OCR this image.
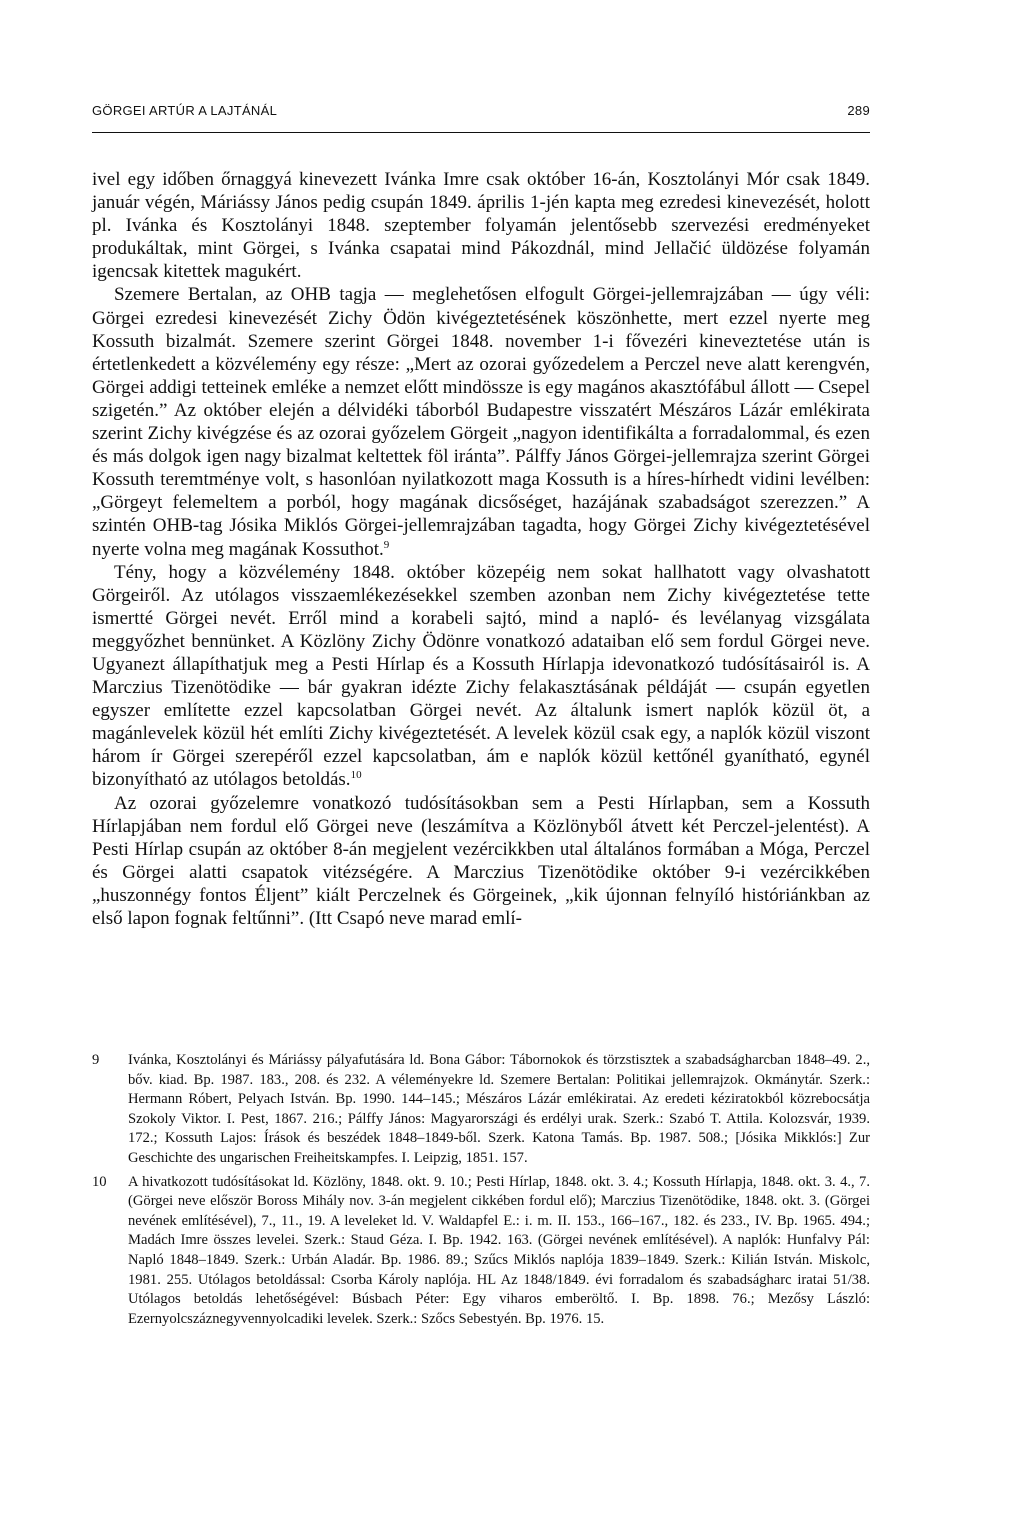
GÖRGEI ARTÚR A LAJTÁNÁL	289

ivel egy időben őrnaggyá kinevezett Ivánka Imre csak október 16-án, Kosztolányi Mór csak 1849. január végén, Máriássy János pedig csupán 1849. április 1-jén kapta meg ezredesi kinevezését, holott pl. Ivánka és Kosztolányi 1848. szeptember folyamán jelentősebb szervezési eredményeket produkáltak, mint Görgei, s Ivánka csapatai mind Pákozdnál, mind Jellačić üldözése folyamán igencsak kitettek magukért.

Szemere Bertalan, az OHB tagja — meglehetősen elfogult Görgei-jellemrajzában — úgy véli: Görgei ezredesi kinevezését Zichy Ödön kivégeztetésének köszönhette, mert ezzel nyerte meg Kossuth bizalmát. Szemere szerint Görgei 1848. november 1-i fővezéri kineveztetése után is értetlenkedett a közvélemény egy része: „Mert az ozorai győzedelem a Perczel neve alatt kerengvén, Görgei addigi tetteinek emléke a nemzet előtt mindössze is egy magános akasztófábul állott — Csepel szigetén.” Az október elején a délvidéki táborból Budapestre visszatért Mészáros Lázár emlékirata szerint Zichy kivégzése és az ozorai győzelem Görgeit „nagyon identifikálta a forradalommal, és ezen és más dolgok igen nagy bizalmat keltettek föl iránta”. Pálffy János Görgei-jellemrajza szerint Görgei Kossuth teremtménye volt, s hasonlóan nyilatkozott maga Kossuth is a híres-hírhedt vidini levélben: „Görgeyt felemeltem a porból, hogy magának dicsőséget, hazájának szabadságot szerezzen.” A szintén OHB-tag Jósika Miklós Görgei-jellemrajzában tagadta, hogy Görgei Zichy kivégeztetésével nyerte volna meg magának Kossuthot.$^9$

Tény, hogy a közvélemény 1848. október közepéig nem sokat hallhatott vagy olvashatott Görgeiről. Az utólagos visszaemlékezésekkel szemben azonban nem Zichy kivégeztetése tette ismertté Görgei nevét. Erről mind a korabeli sajtó, mind a napló- és levélanyag vizsgálata meggyőzhet bennünket. A Közlöny Zichy Ödönre vonatkozó adataiban elő sem fordul Görgei neve. Ugyanezt állapíthatjuk meg a Pesti Hírlap és a Kossuth Hírlapja idevonatkozó tudósításairól is. A Marczius Tizenötödike — bár gyakran idézte Zichy felakasztásának példáját — csupán egyetlen egyszer említette ezzel kapcsolatban Görgei nevét. Az általunk ismert naplók közül öt, a magánlevelek közül hét említi Zichy kivégeztetését. A levelek közül csak egy, a naplók közül viszont három ír Görgei szerepéről ezzel kapcsolatban, ám e naplók közül kettőnél gyanítható, egynél bizonyítható az utólagos betoldás.$^{10}$

Az ozorai győzelemre vonatkozó tudósításokban sem a Pesti Hírlapban, sem a Kossuth Hírlapjában nem fordul elő Görgei neve (leszámítva a Közlönyből átvett két Perczel-jelentést). A Pesti Hírlap csupán az október 8-án megjelent vezércikkben utal általános formában a Móga, Perczel és Görgei alatti csapatok vitézségére. A Marczius Tizenötödike október 9-i vezércikkében „huszonnégy fontos Éljent” kiált Perczelnek és Görgeinek, „kik újonnan felnyíló históriánkban az első lapon fognak feltűnni”. (Itt Csapó neve marad emlí-

9 Ivánka, Kosztolányi és Máriássy pályafutására ld. Bona Gábor: Tábornokok és törzstisztek a szabadságharcban 1848–49. 2., bőv. kiad. Bp. 1987. 183., 208. és 232. A véleményekre ld. Szemere Bertalan: Politikai jellemrajzok. Okmánytár. Szerk.: Hermann Róbert, Pelyach István. Bp. 1990. 144–145.; Mészáros Lázár emlékiratai. Az eredeti kéziratokból közrebocsátja Szokoly Viktor. I. Pest, 1867. 216.; Pálffy János: Magyarországi és erdélyi urak. Szerk.: Szabó T. Attila. Kolozsvár, 1939. 172.; Kossuth Lajos: Írások és beszédek 1848–1849-ből. Szerk. Katona Tamás. Bp. 1987. 508.; [Jósika Mikklós:] Zur Geschichte des ungarischen Freiheitskampfes. I. Leipzig, 1851. 157.

10 A hivatkozott tudósításokat ld. Közlöny, 1848. okt. 9. 10.; Pesti Hírlap, 1848. okt. 3. 4.; Kossuth Hírlapja, 1848. okt. 3. 4., 7. (Görgei neve először Boross Mihály nov. 3-án megjelent cikkében fordul elő); Marczius Tizenötödike, 1848. okt. 3. (Görgei nevének említésével), 7., 11., 19. A leveleket ld. V. Waldapfel E.: i. m. II. 153., 166–167., 182. és 233., IV. Bp. 1965. 494.; Madách Imre összes levelei. Szerk.: Staud Géza. I. Bp. 1942. 163. (Görgei nevének említésével). A naplók: Hunfalvy Pál: Napló 1848–1849. Szerk.: Urbán Aladár. Bp. 1986. 89.; Szűcs Miklós naplója 1839–1849. Szerk.: Kilián István. Miskolc, 1981. 255. Utólagos betoldással: Csorba Károly naplója. HL Az 1848/1849. évi forradalom és szabadságharc iratai 51/38. Utólagos betoldás lehetőségével: Búsbach Péter: Egy viharos emberöltő. I. Bp. 1898. 76.; Mezősy László: Ezernyolcszáznegyvennyolcadiki levelek. Szerk.: Szőcs Sebestyén. Bp. 1976. 15.
